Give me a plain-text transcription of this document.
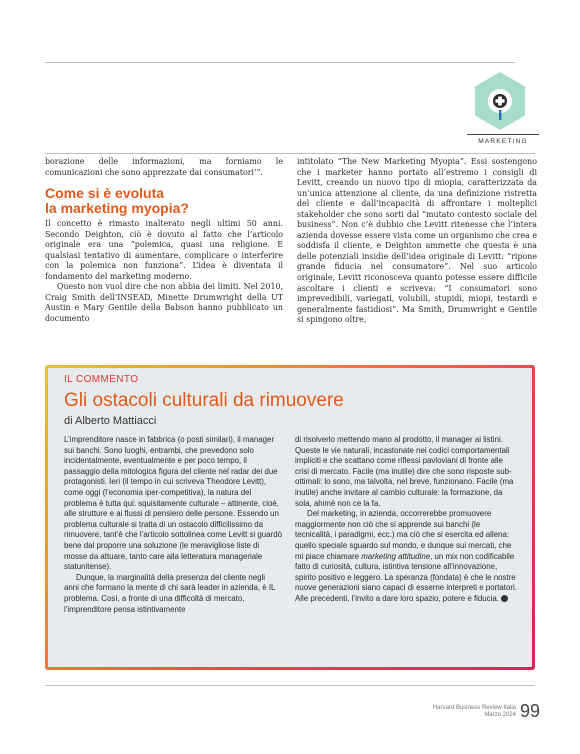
MARKETING

borazione delle informazioni, ma forniamo le comunicazioni che sono apprezzate dai consumatori’”.

Come si è evoluta
la marketing myopia?

Il concetto è rimasto inalterato negli ultimi 50 anni. Secondo Deighton, ciò è dovuto al fatto che l’articolo originale era una “polemica, quasi una religione. E qualsiasi tentativo di aumentare, complicare o interferire con la polemica non funziona”. L’idea è diventata il fondamento del marketing moderno.

Questo non vuol dire che non abbia dei limiti. Nel 2010, Craig Smith dell’INSEAD, Minette Drumwright della UT Austin e Mary Gentile della Babson hanno pubblicato un documento

intitolato “The New Marketing Myopia”. Essi sostengono che i marketer hanno portato all’estremo i consigli di Levitt, creando un nuovo tipo di miopia, caratterizzata da un’unica attenzione al cliente, da una definizione ristretta del cliente e dall’incapacità di affrontare i molteplici stakeholder che sono sorti dal “mutato contesto sociale del business”. Non c’è dubbio che Levitt ritenesse che l’intera azienda dovesse essere vista come un organismo che crea e soddisfa il cliente, e Deighton ammette che questa è una delle potenziali insidie dell’idea originale di Levitt: “ripone grande fiducia nel consumatore”. Nel suo articolo originale, Levitt riconosceva quanto potesse essere difficile ascoltare i clienti e scriveva: “I consumatori sono imprevedibili, variegati, volubili, stupidi, miopi, testardi e generalmente fastidiosi”. Ma Smith, Drumwright e Gentile si spingono oltre,

IL COMMENTO
Gli ostacoli culturali da rimuovere
di Alberto Mattiacci

L’imprenditore nasce in fabbrica (o posti similari), il manager sui banchi. Sono luoghi, entrambi, che prevedono solo incidentalmente, eventualmente e per poco tempo, il passaggio della mitologica figura del cliente nel radar dei due protagonisti. Ieri (il tempo in cui scriveva Theodore Levitt), come oggi (l’economia iper-competitiva), la natura del problema è tutta qui: squisitamente culturale – attinente, cioè, alle strutture e ai flussi di pensiero delle persone. Essendo un problema culturale si tratta di un ostacolo difficilissimo da rimuovere, tant’è che l’articolo sottolinea come Levitt si guardò bene dal proporre una soluzione (le meravigliose liste di mosse da attuare, tanto care alla letteratura manageriale statunitense).

Dunque, la marginalità della presenza del cliente negli anni che formano la mente di chi sarà leader in azienda, è IL problema. Così, a fronte di una difficoltà di mercato, l’imprenditore pensa istintivamente

di risolverlo mettendo mano al prodotto, il manager ai listini. Queste le vie naturali, incastonate nei codici comportamentali impliciti e che scattano come riflessi pavloviani di fronte alle crisi di mercato. Facile (ma inutile) dire che sono risposte sub-ottimali: lo sono, ma talvolta, nel breve, funzionano. Facile (ma inutile) anche invitare al cambio culturale: la formazione, da sola, ahimè non ce la fa.

Del marketing, in azienda, occorrerebbe promuovere maggiormente non ciò che si apprende sui banchi (le tecnicalità, i paradigmi, ecc.) ma ciò che si esercita ed allena: quello speciale sguardo sul mondo, e dunque sui mercati, che mi piace chiamare marketing attitudine, un mix non codificabile fatto di curiosità, cultura, istintiva tensione all’innovazione, spirito positivo e leggero. La speranza (fondata) è che le nostre nuove generazioni siano capaci di esserne interpreti e portatori. Alle precedenti, l’invito a dare loro spazio, potere e fiducia.

Harvard Business Review Italia
Marzo 2024 99
